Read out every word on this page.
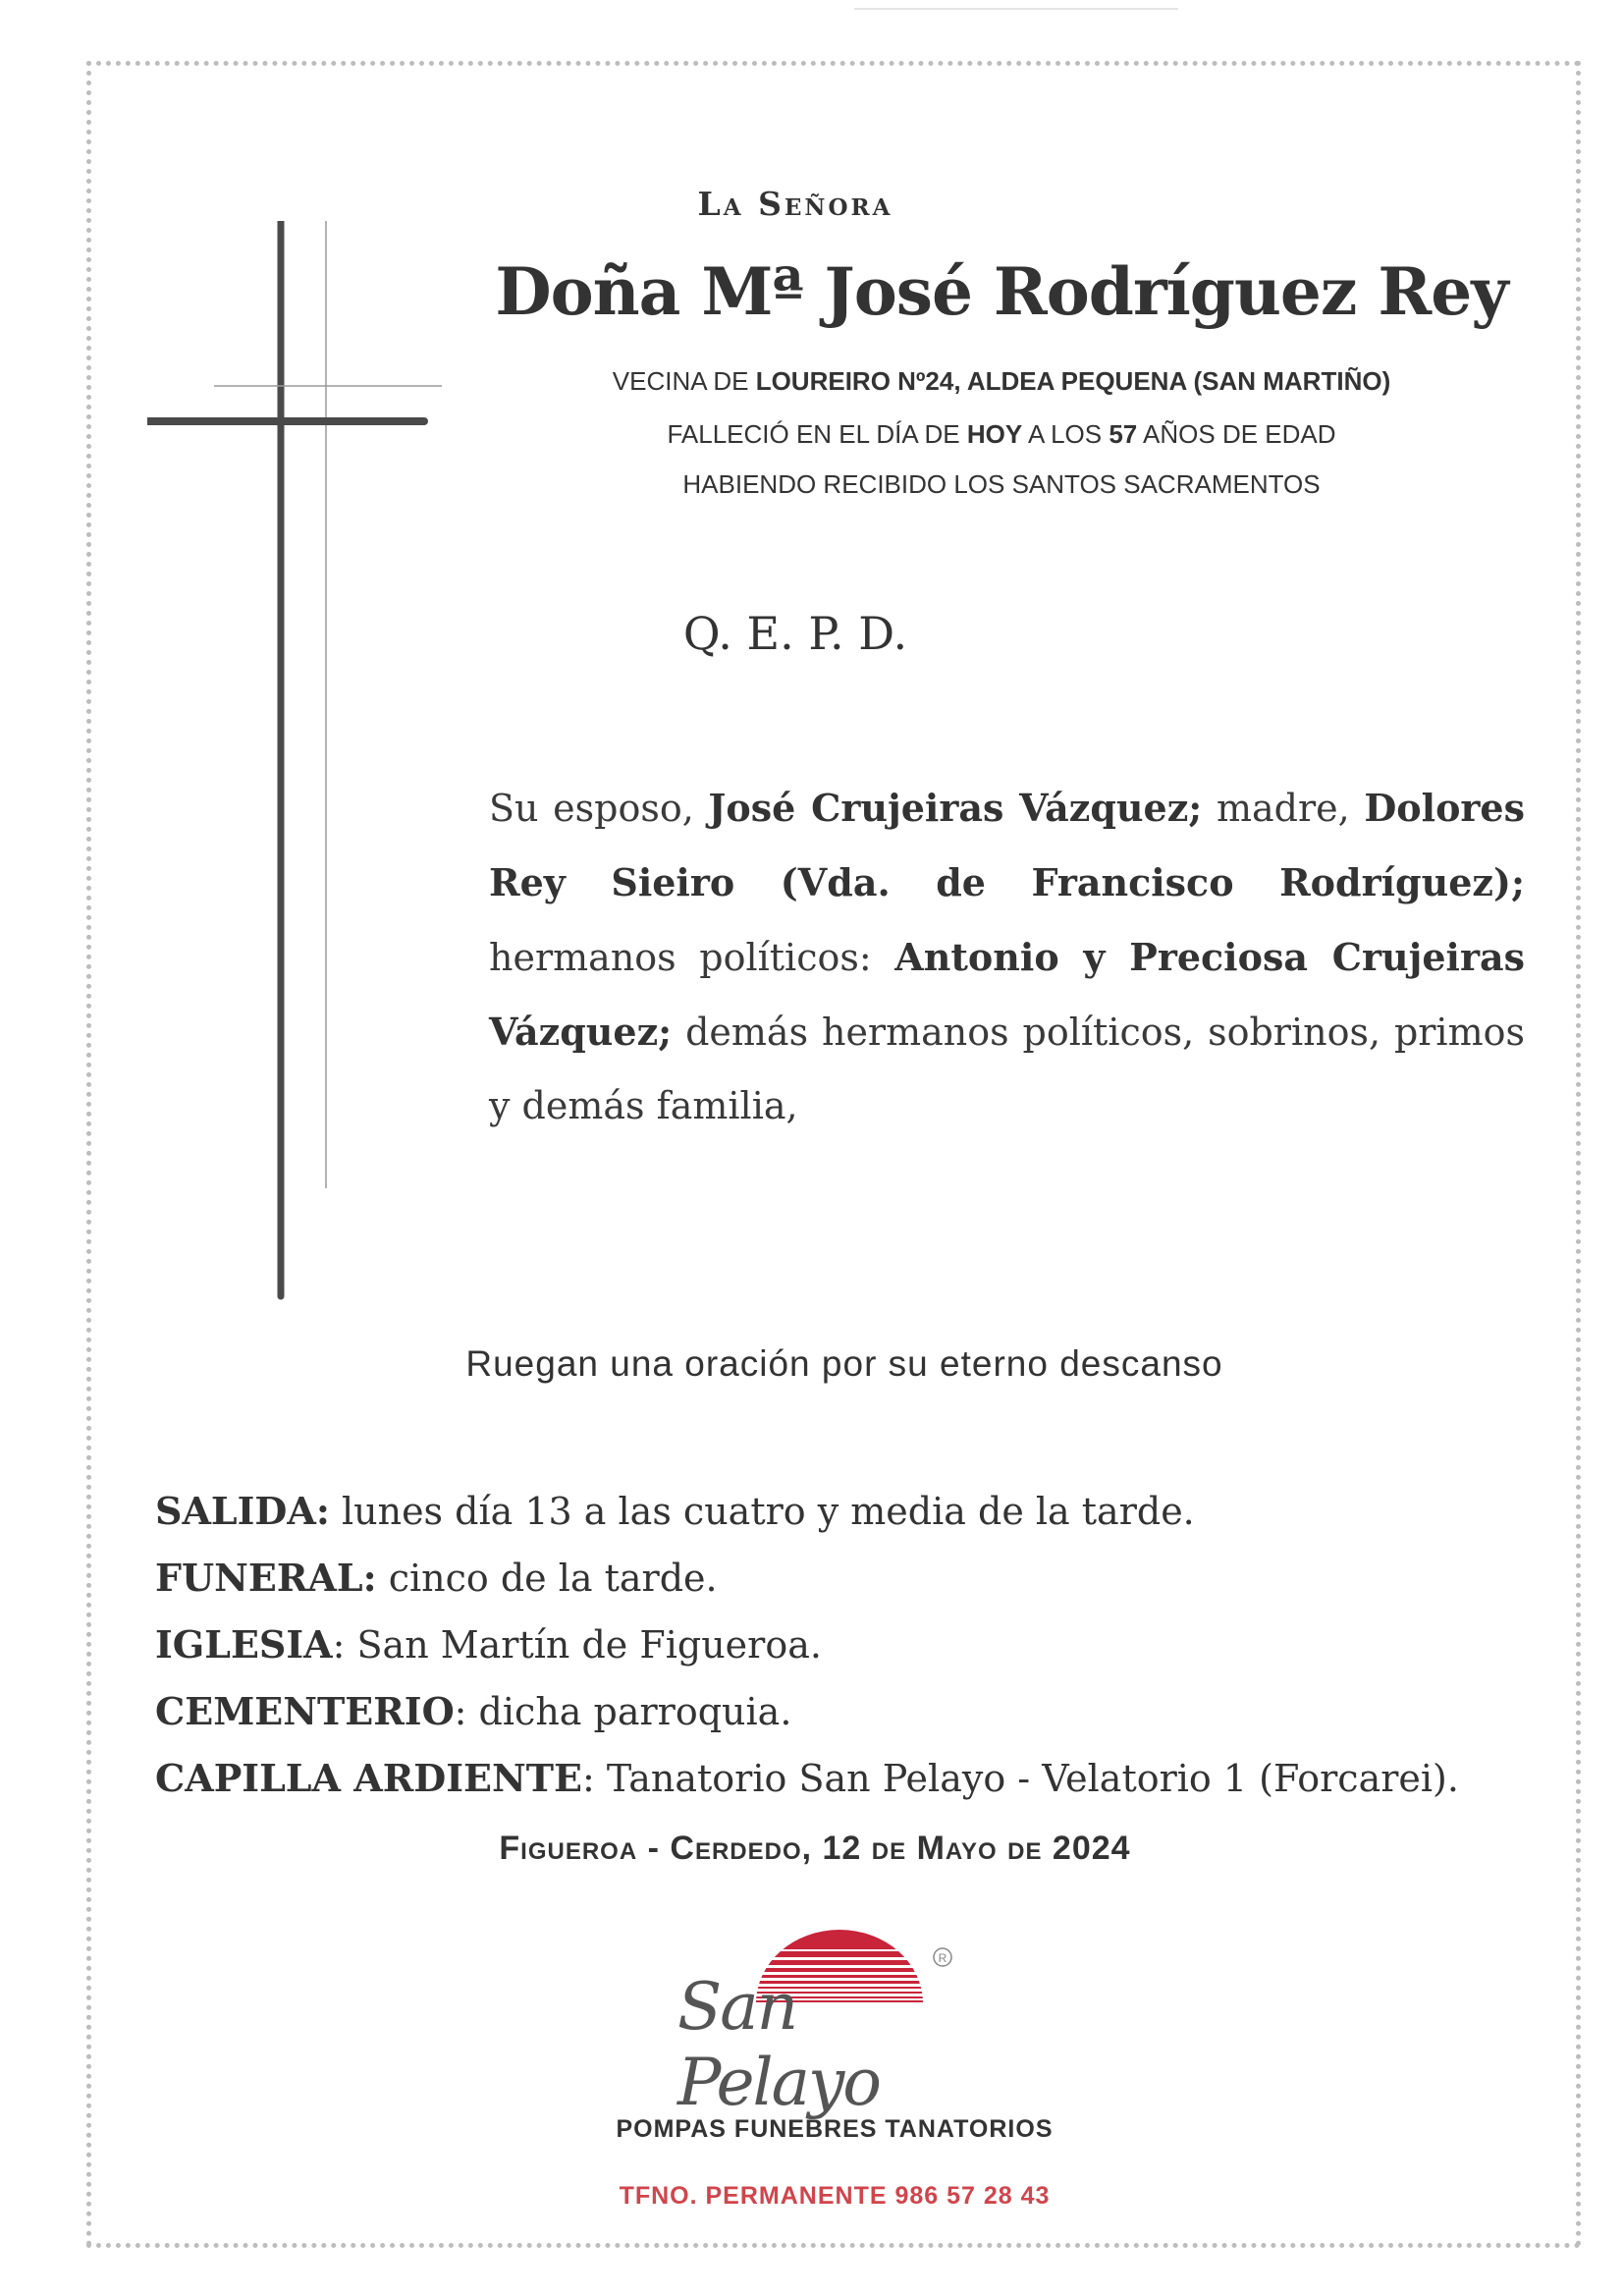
La Señora
Doña Mª José Rodríguez Rey
VECINA DE LOUREIRO Nº24, ALDEA PEQUENA (SAN MARTIÑO)
FALLECIÓ EN EL DÍA DE HOY A LOS 57 AÑOS DE EDAD
HABIENDO RECIBIDO LOS SANTOS SACRAMENTOS
Q. E. P. D.
Su esposo, José Crujeiras Vázquez; madre, Dolores Rey Sieiro (Vda. de Francisco Rodríguez); hermanos políticos: Antonio y Preciosa Crujeiras Vázquez; demás hermanos políticos, sobrinos, primos y demás familia,
Ruegan una oración por su eterno descanso
SALIDA: lunes día 13 a las cuatro y media de la tarde.
FUNERAL: cinco de la tarde.
IGLESIA: San Martín de Figueroa.
CEMENTERIO: dicha parroquia.
CAPILLA ARDIENTE: Tanatorio San Pelayo - Velatorio 1 (Forcarei).
Figueroa - Cerdedo, 12 de Mayo de 2024
R
San Pelayo
POMPAS FUNEBRES TANATORIOS
TFNO. PERMANENTE 986 57 28 43
